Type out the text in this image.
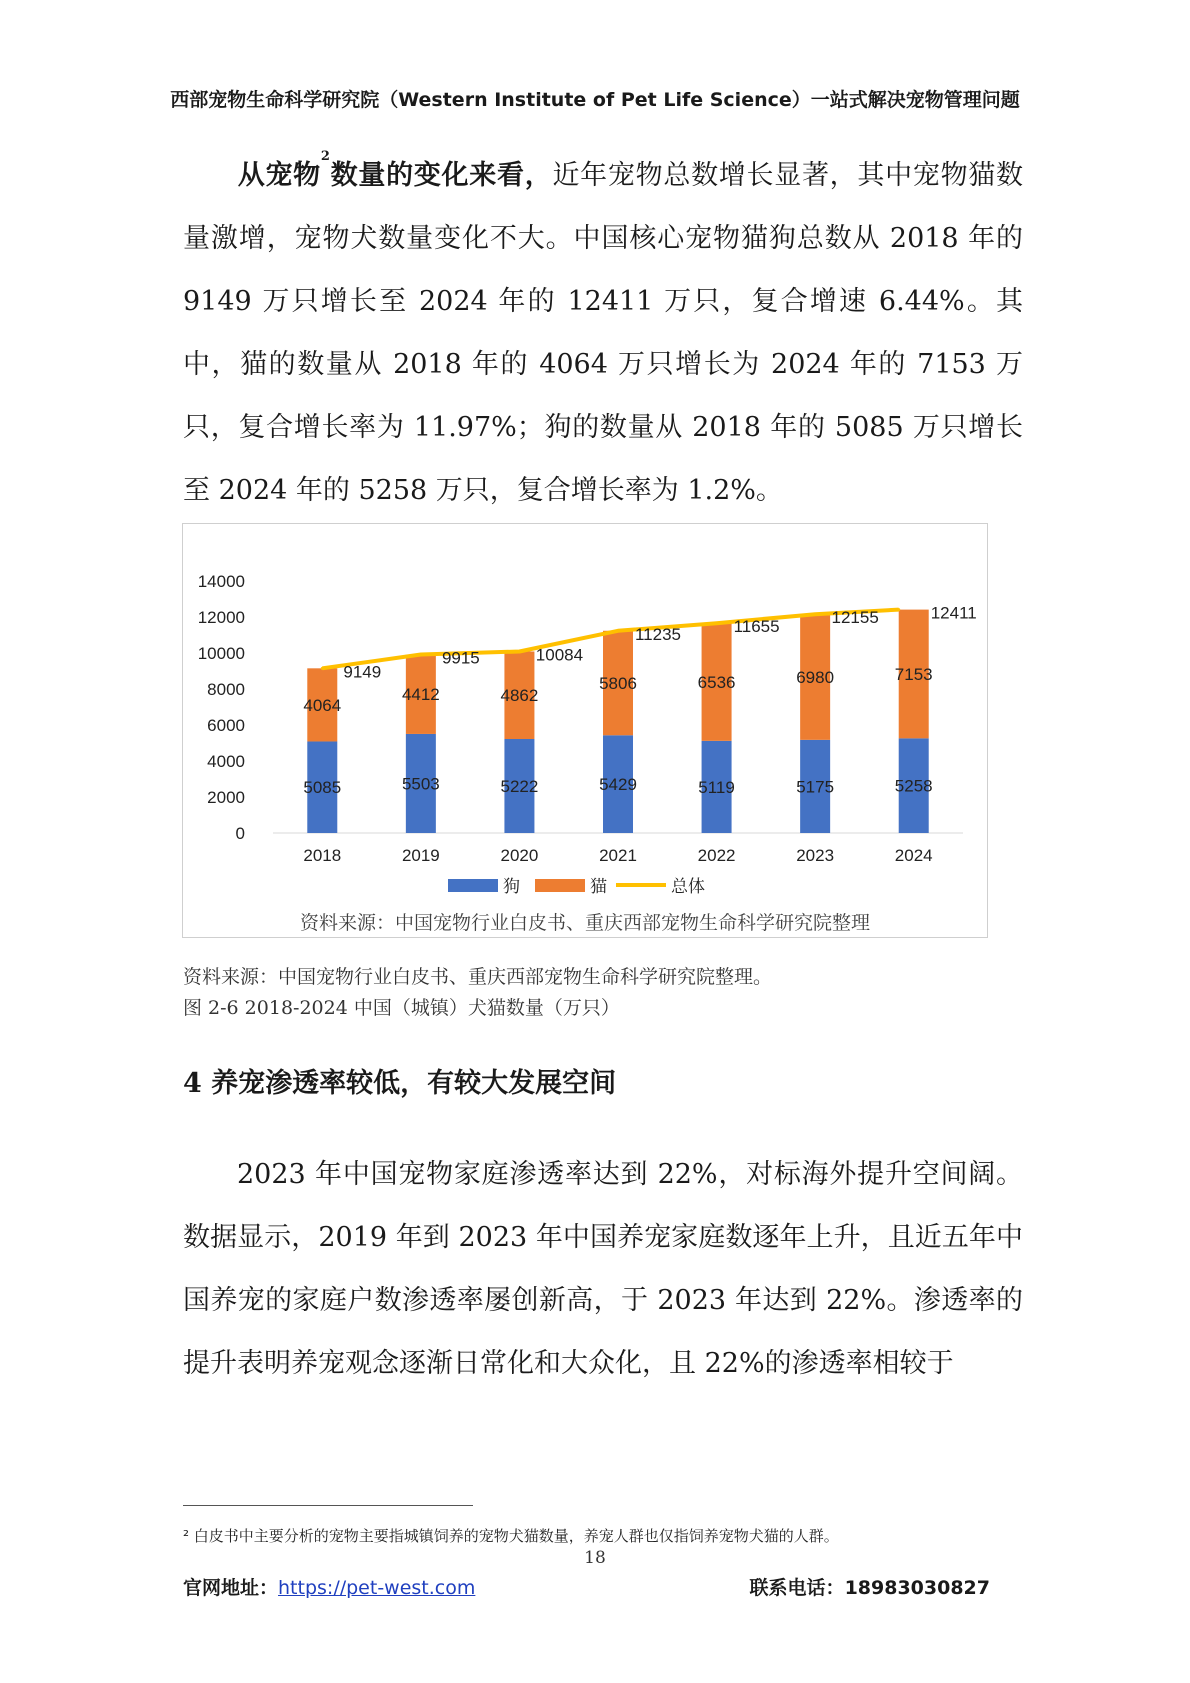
西部宠物生命科学研究院（Western Institute of Pet Life Science）一站式解决宠物管理问题
从宠物$^2$数量的变化来看，近年宠物总数增长显著，其中宠物猫数量激增，宠物犬数量变化不大。中国核心宠物猫狗总数从 2018 年的 9149 万只增长至 2024 年的 12411 万只，复合增速 6.44%。其中，猫的数量从 2018 年的 4064 万只增长为 2024 年的 7153 万只，复合增长率为 11.97%；狗的数量从 2018 年的 5085 万只增长至 2024 年的 5258 万只，复合增长率为 1.2%。
0
2000
4000
6000
8000
10000
12000
14000
2018	2019	2020	2021	2022	2023	2024
5085
4064
9149
5503
4412
9915
5222
4862
10084
5429
5806
11235
5119
6536
11655
5175
6980
12155
5258
7153
12411
狗	猫	总体
资料来源：中国宠物行业白皮书、重庆西部宠物生命科学研究院整理
资料来源：中国宠物行业白皮书、重庆西部宠物生命科学研究院整理。
图 2-6 2018-2024 中国（城镇）犬猫数量（万只）
4 养宠渗透率较低，有较大发展空间
2023 年中国宠物家庭渗透率达到 22%，对标海外提升空间阔。数据显示，2019 年到 2023 年中国养宠家庭数逐年上升，且近五年中国养宠的家庭户数渗透率屡创新高，于 2023 年达到 22%。渗透率的提升表明养宠观念逐渐日常化和大众化，且 22%的渗透率相较于
² 白皮书中主要分析的宠物主要指城镇饲养的宠物犬猫数量，养宠人群也仅指饲养宠物犬猫的人群。
18
官网地址：https://pet-west.com	联系电话：18983030827
